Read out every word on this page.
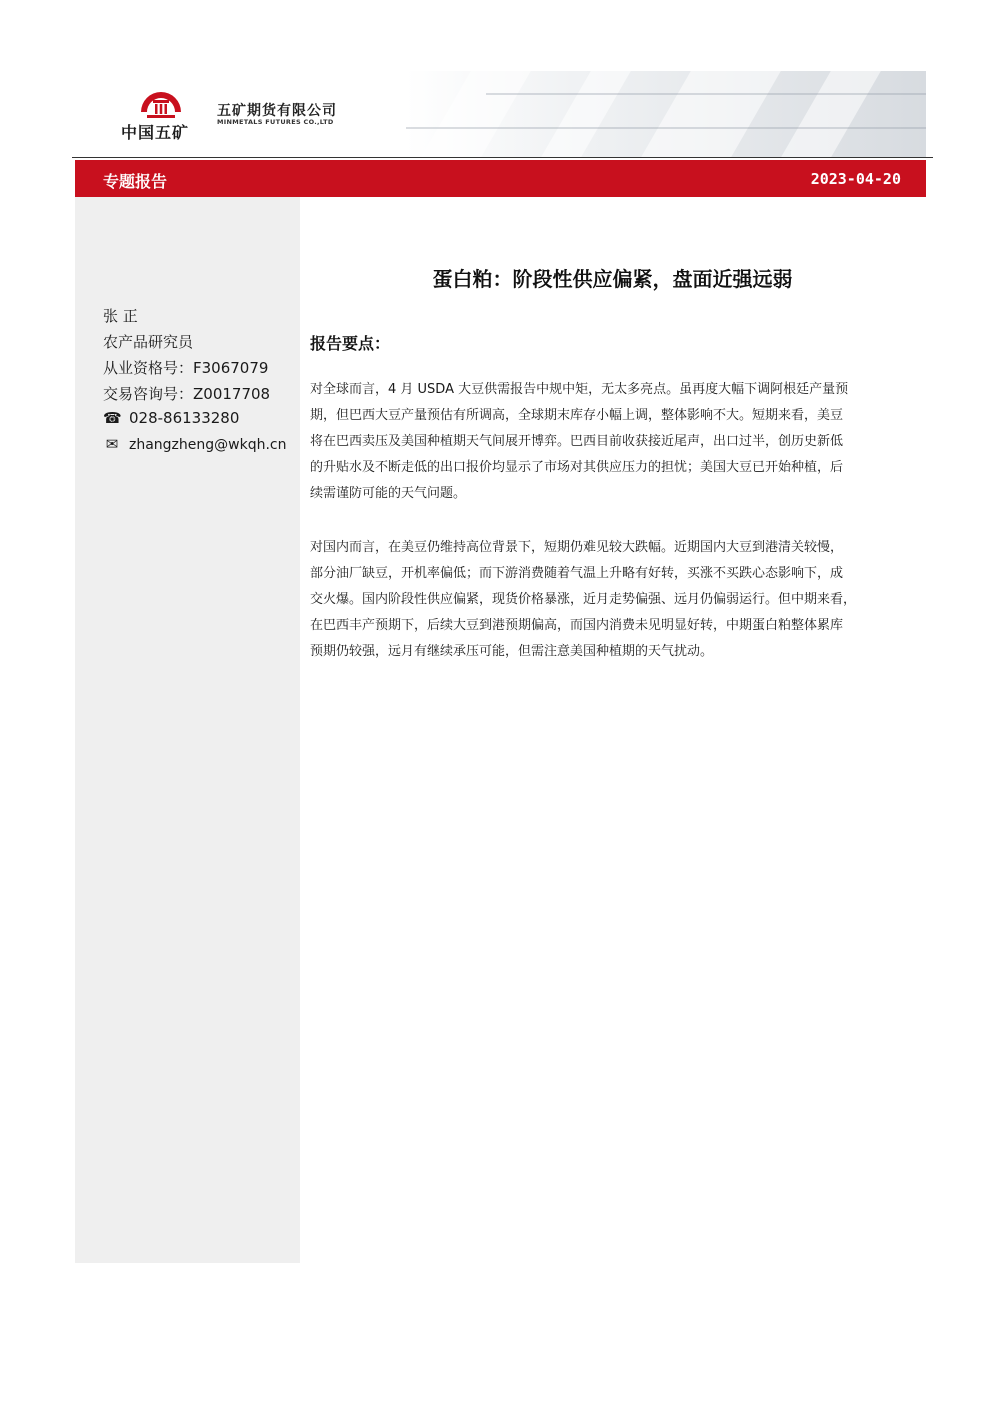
中国五矿
五矿期货有限公司
MINMETALS FUTURES CO.,LTD
专题报告	2023-04-20
张 正
农产品研究员
从业资格号：F3067079
交易咨询号：Z0017708
☎ 028-86133280
✉ zhangzheng@wkqh.cn
蛋白粕：阶段性供应偏紧，盘面近强远弱
报告要点：
对全球而言，4 月 USDA 大豆供需报告中规中矩，无太多亮点。虽再度大幅下调阿根廷产量预
期，但巴西大豆产量预估有所调高，全球期末库存小幅上调，整体影响不大。短期来看，美豆
将在巴西卖压及美国种植期天气间展开博弈。巴西目前收获接近尾声，出口过半，创历史新低
的升贴水及不断走低的出口报价均显示了市场对其供应压力的担忧；美国大豆已开始种植，后
续需谨防可能的天气问题。
对国内而言，在美豆仍维持高位背景下，短期仍难见较大跌幅。近期国内大豆到港清关较慢，
部分油厂缺豆，开机率偏低；而下游消费随着气温上升略有好转，买涨不买跌心态影响下，成
交火爆。国内阶段性供应偏紧，现货价格暴涨，近月走势偏强、远月仍偏弱运行。但中期来看，
在巴西丰产预期下，后续大豆到港预期偏高，而国内消费未见明显好转，中期蛋白粕整体累库
预期仍较强，远月有继续承压可能，但需注意美国种植期的天气扰动。
